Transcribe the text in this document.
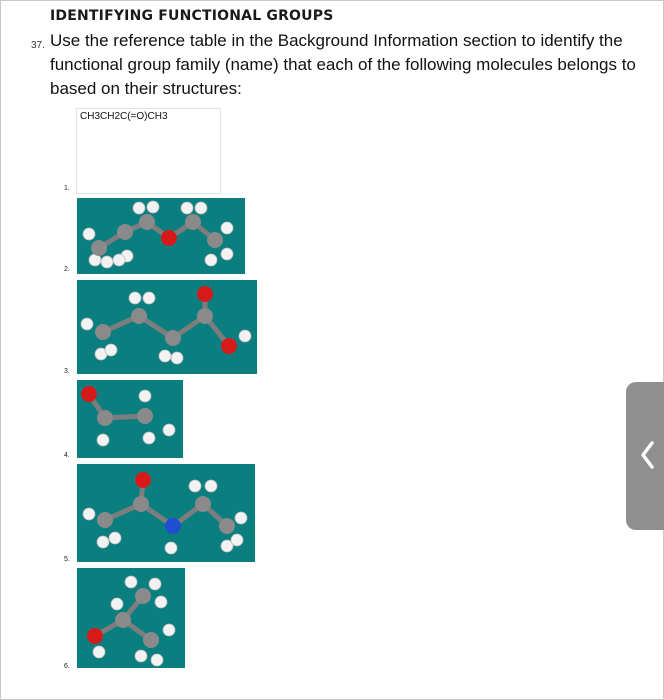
IDENTIFYING FUNCTIONAL GROUPS
37. Use the reference table in the Background Information section to identify the functional group family (name) that each of the following molecules belongs to based on their structures:
CH3CH2C(=O)CH3
1.
2.
3.
4.
5.
6.
